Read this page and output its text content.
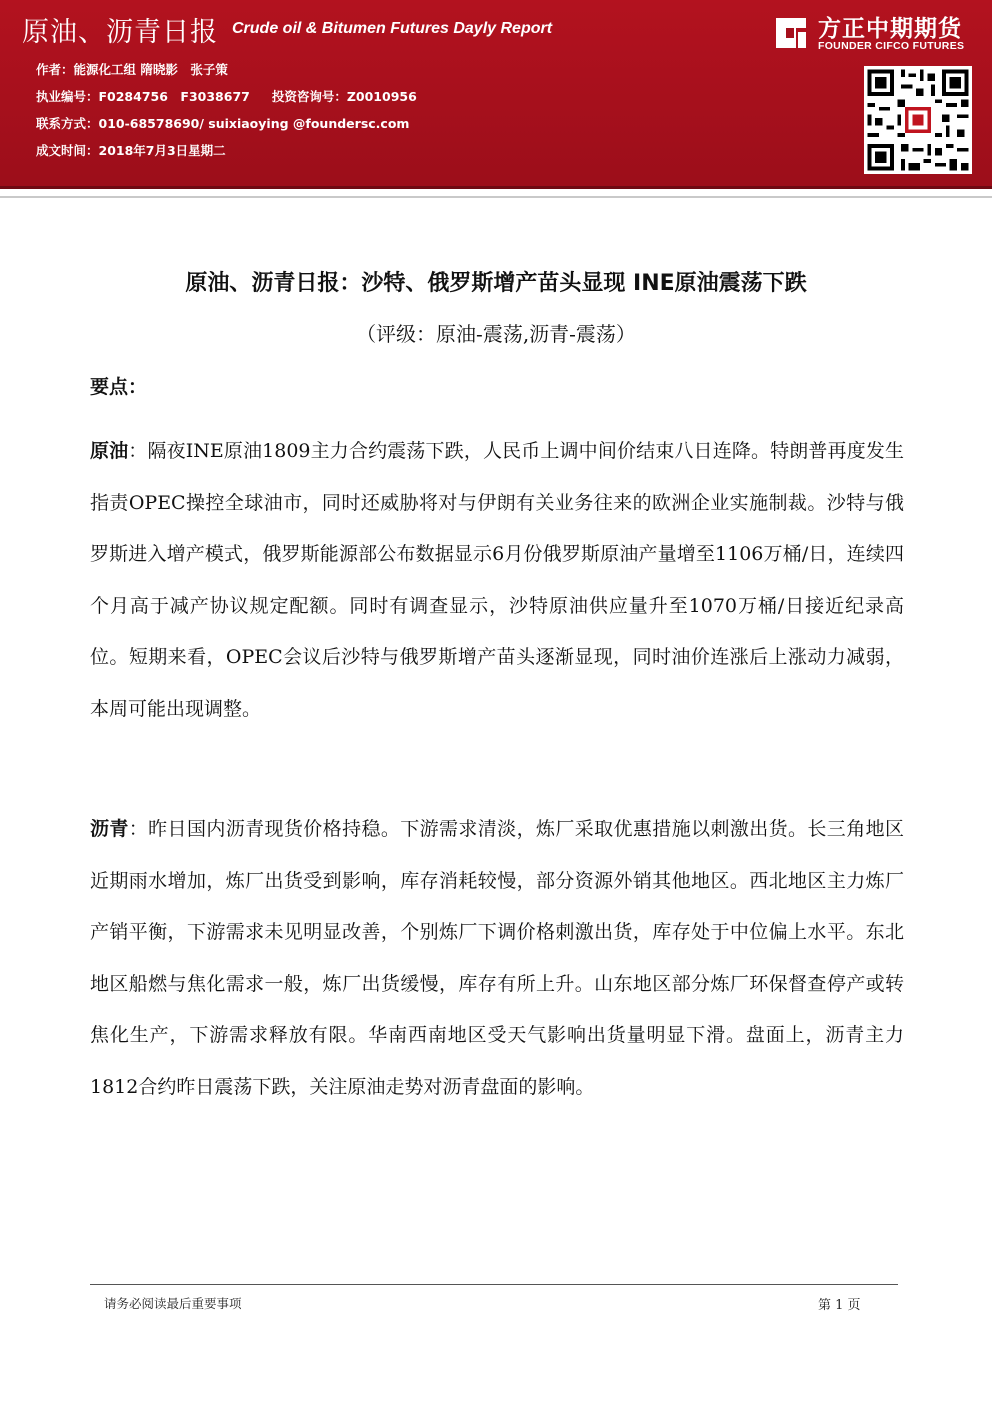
原油、沥青日报 Crude oil & Bitumen Futures Dayly Report
作者：能源化工组 隋晓影　张子策
执业编号：F0284756　F3038677 投资咨询号：Z0010956
联系方式：010-68578690/ suixiaoying @foundersc.com
成文时间：2018年7月3日星期二
方正中期期货
FOUNDER CIFCO FUTURES
原油、沥青日报：沙特、俄罗斯增产苗头显现 INE原油震荡下跌
（评级：原油-震荡,沥青-震荡）
要点：
原油：隔夜INE原油1809主力合约震荡下跌，人民币上调中间价结束八日连降。特朗普再度发生指责OPEC操控全球油市，同时还威胁将对与伊朗有关业务往来的欧洲企业实施制裁。沙特与俄罗斯进入增产模式，俄罗斯能源部公布数据显示6月份俄罗斯原油产量增至1106万桶/日，连续四个月高于减产协议规定配额。同时有调查显示，沙特原油供应量升至1070万桶/日接近纪录高位。短期来看，OPEC会议后沙特与俄罗斯增产苗头逐渐显现，同时油价连涨后上涨动力减弱，本周可能出现调整。
沥青：昨日国内沥青现货价格持稳。下游需求清淡，炼厂采取优惠措施以刺激出货。长三角地区近期雨水增加，炼厂出货受到影响，库存消耗较慢，部分资源外销其他地区。西北地区主力炼厂产销平衡，下游需求未见明显改善，个别炼厂下调价格刺激出货，库存处于中位偏上水平。东北地区船燃与焦化需求一般，炼厂出货缓慢，库存有所上升。山东地区部分炼厂环保督查停产或转焦化生产，下游需求释放有限。华南西南地区受天气影响出货量明显下滑。盘面上，沥青主力1812合约昨日震荡下跌，关注原油走势对沥青盘面的影响。
请务必阅读最后重要事项	第 1 页
